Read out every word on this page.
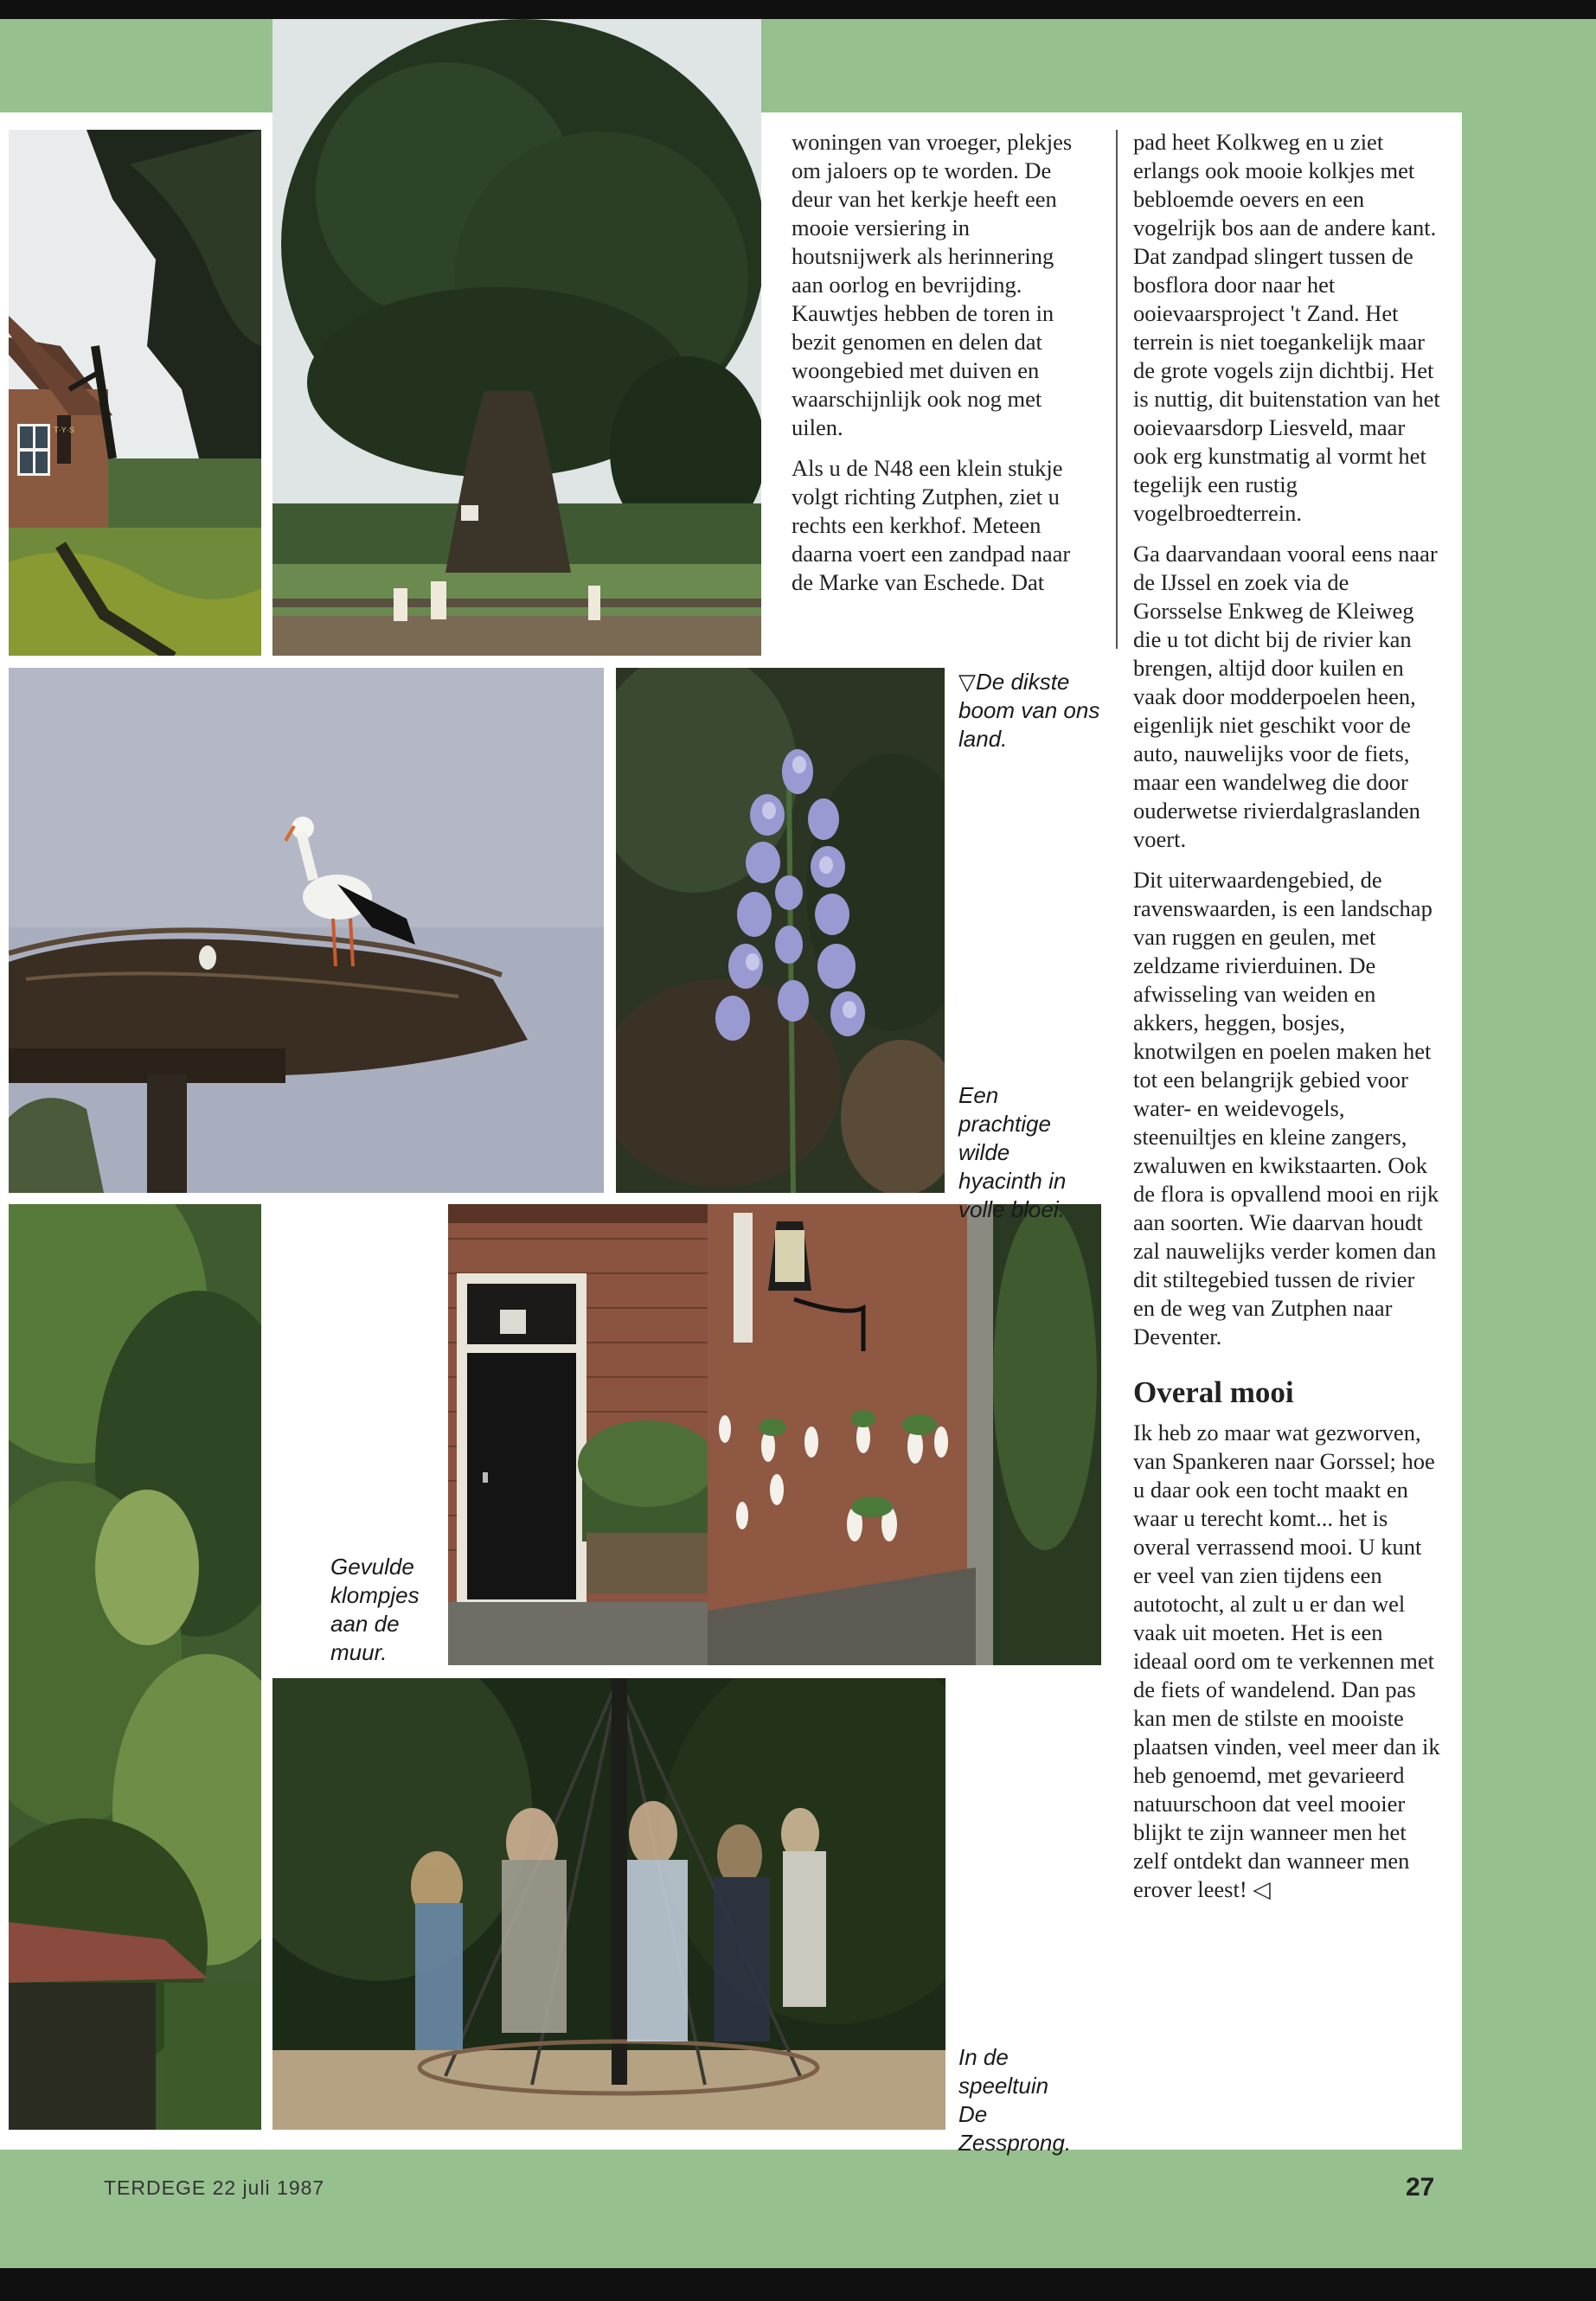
T·Y·S

woningen van vroeger, plekjes om jaloers op te worden. De deur van het kerkje heeft een mooie versiering in houtsnijwerk als herinnering aan oorlog en bevrijding. Kauwtjes hebben de toren in bezit genomen en delen dat woongebied met duiven en waarschijnlijk ook nog met uilen.

Als u de N48 een klein stukje volgt richting Zutphen, ziet u rechts een kerkhof. Meteen daarna voert een zandpad naar de Marke van Eschede. Dat

pad heet Kolkweg en u ziet erlangs ook mooie kolkjes met bebloemde oevers en een vogelrijk bos aan de andere kant. Dat zandpad slingert tussen de bosflora door naar het ooievaarsproject 't Zand. Het terrein is niet toegankelijk maar de grote vogels zijn dichtbij. Het is nuttig, dit buitenstation van het ooievaarsdorp Liesveld, maar ook erg kunstmatig al vormt het tegelijk een rustig vogelbroedterrein.

Ga daarvandaan vooral eens naar de IJssel en zoek via de Gorsselse Enkweg de Kleiweg die u tot dicht bij de rivier kan brengen, altijd door kuilen en vaak door modderpoelen heen, eigenlijk niet geschikt voor de auto, nauwelijks voor de fiets, maar een wandelweg die door ouderwetse rivierdalgraslanden voert.

Dit uiterwaardengebied, de ravenswaarden, is een landschap van ruggen en geulen, met zeldzame rivierduinen. De afwisseling van weiden en akkers, heggen, bosjes, knotwilgen en poelen maken het tot een belangrijk gebied voor water- en weidevogels, steenuiltjes en kleine zangers, zwaluwen en kwikstaarten. Ook de flora is opvallend mooi en rijk aan soorten. Wie daarvan houdt zal nauwelijks verder komen dan dit stiltegebied tussen de rivier en de weg van Zutphen naar Deventer.

Overal mooi

Ik heb zo maar wat gezworven, van Spankeren naar Gorssel; hoe u daar ook een tocht maakt en waar u terecht komt... het is overal verrassend mooi. U kunt er veel van zien tijdens een autotocht, al zult u er dan wel vaak uit moeten. Het is een ideaal oord om te verkennen met de fiets of wandelend. Dan pas kan men de stilste en mooiste plaatsen vinden, veel meer dan ik heb genoemd, met gevarieerd natuurschoon dat veel mooier blijkt te zijn wanneer men het zelf ontdekt dan wanneer men erover leest! ◁

▽De dikste boom van ons land.
Een prachtige wilde hyacinth in volle bloei.
Gevulde klompjes aan de muur.
In de speeltuin De Zessprong.
TERDEGE 22 juli 1987	27
